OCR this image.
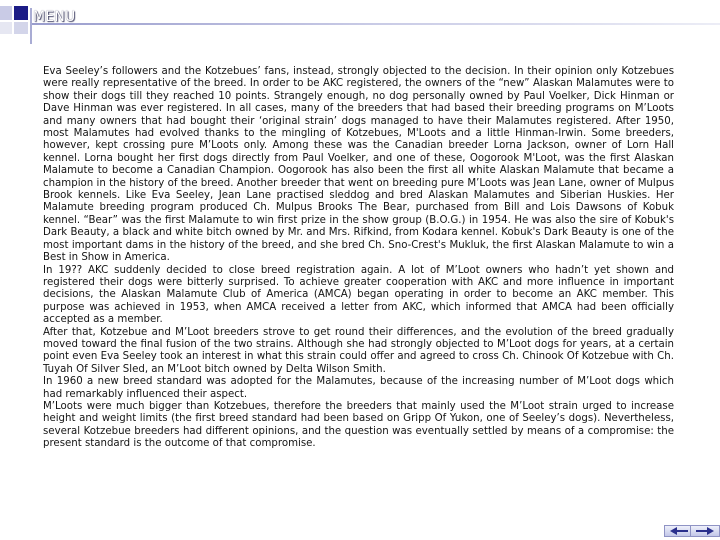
MENU

Eva Seeley’s followers and the Kotzebues’ fans, instead, strongly objected to the decision. In their opinion only Kotzebues were really representative of the breed. In order to be AKC registered, the owners of the “new” Alaskan Malamutes were to show their dogs till they reached 10 points. Strangely enough, no dog personally owned by Paul Voelker, Dick Hinman or Dave Hinman was ever registered. In all cases, many of the breeders that had based their breeding programs on M’Loots and many owners that had bought their ‘original strain’ dogs managed to have their Malamutes registered. After 1950, most Malamutes had evolved thanks to the mingling of Kotzebues, M'Loots and a little Hinman-Irwin. Some breeders, however, kept crossing pure M’Loots only. Among these was the Canadian breeder Lorna Jackson, owner of Lorn Hall kennel. Lorna bought her first dogs directly from Paul Voelker, and one of these, Oogorook M'Loot, was the first Alaskan Malamute to become a Canadian Champion. Oogorook has also been the first all white Alaskan Malamute that became a champion in the history of the breed. Another breeder that went on breeding pure M’Loots was Jean Lane, owner of Mulpus Brook kennels. Like Eva Seeley, Jean Lane practised sleddog and bred Alaskan Malamutes and Siberian Huskies. Her Malamute breeding program produced Ch. Mulpus Brooks The Bear, purchased from Bill and Lois Dawsons of Kobuk kennel. “Bear” was the first Malamute to win first prize in the show group (B.O.G.) in 1954. He was also the sire of Kobuk's Dark Beauty, a black and white bitch owned by Mr. and Mrs. Rifkind, from Kodara kennel. Kobuk's Dark Beauty is one of the most important dams in the history of the breed, and she bred Ch. Sno-Crest's Mukluk, the first Alaskan Malamute to win a Best in Show in America.

In 19?? AKC suddenly decided to close breed registration again. A lot of M’Loot owners who hadn’t yet shown and registered their dogs were bitterly surprised. To achieve greater cooperation with AKC and more influence in important decisions, the Alaskan Malamute Club of America (AMCA) began operating in order to become an AKC member. This purpose was achieved in 1953, when AMCA received a letter from AKC, which informed that AMCA had been officially accepted as a member.

After that, Kotzebue and M’Loot breeders strove to get round their differences, and the evolution of the breed gradually moved toward the final fusion of the two strains. Although she had strongly objected to M’Loot dogs for years, at a certain point even Eva Seeley took an interest in what this strain could offer and agreed to cross Ch. Chinook Of Kotzebue with Ch. Tuyah Of Silver Sled, an M’Loot bitch owned by Delta Wilson Smith.

In 1960 a new breed standard was adopted for the Malamutes, because of the increasing number of M’Loot dogs which had remarkably influenced their aspect.

M’Loots were much bigger than Kotzebues, therefore the breeders that mainly used the M’Loot strain urged to increase height and weight limits (the first breed standard had been based on Gripp Of Yukon, one of Seeley’s dogs). Nevertheless, several Kotzebue breeders had different opinions, and the question was eventually settled by means of a compromise: the present standard is the outcome of that compromise.
